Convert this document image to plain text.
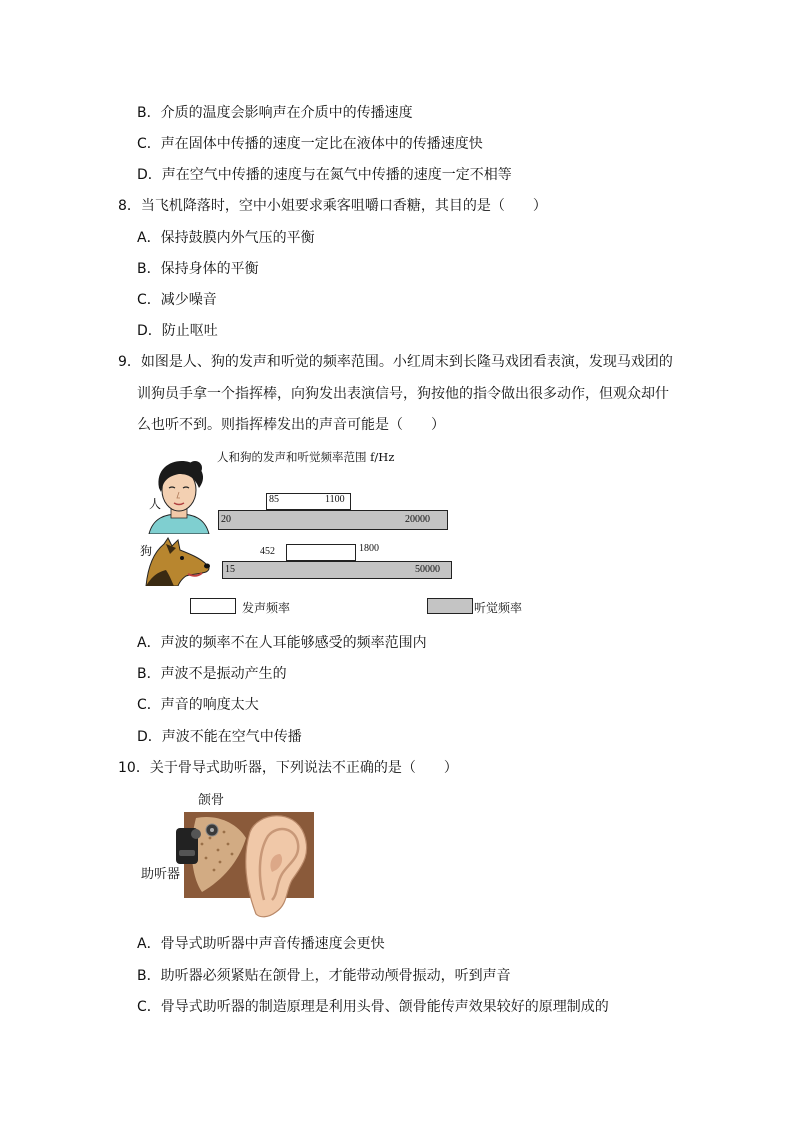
B．介质的温度会影响声在介质中的传播速度
C．声在固体中传播的速度一定比在液体中的传播速度快
D．声在空气中传播的速度与在氮气中传播的速度一定不相等
8．当飞机降落时，空中小姐要求乘客咀嚼口香糖，其目的是（　　）
A．保持鼓膜内外气压的平衡
B．保持身体的平衡
C．减少噪音
D．防止呕吐
9．如图是人、狗的发声和听觉的频率范围。小红周末到长隆马戏团看表演，发现马戏团的
训狗员手拿一个指挥棒，向狗发出表演信号，狗按他的指令做出很多动作，但观众却什
么也听不到。则指挥棒发出的声音可能是（　　）
人和狗的发声和听觉频率范围 f/Hz
人
狗
85	1100
20	20000
452	1800
15	50000
发声频率	听觉频率
A．声波的频率不在人耳能够感受的频率范围内
B．声波不是振动产生的
C．声音的响度太大
D．声波不能在空气中传播
10．关于骨导式助听器，下列说法不正确的是（　　）
颌骨
助听器
A．骨导式助听器中声音传播速度会更快
B．助听器必须紧贴在颌骨上，才能带动颅骨振动，听到声音
C．骨导式助听器的制造原理是利用头骨、颌骨能传声效果较好的原理制成的
